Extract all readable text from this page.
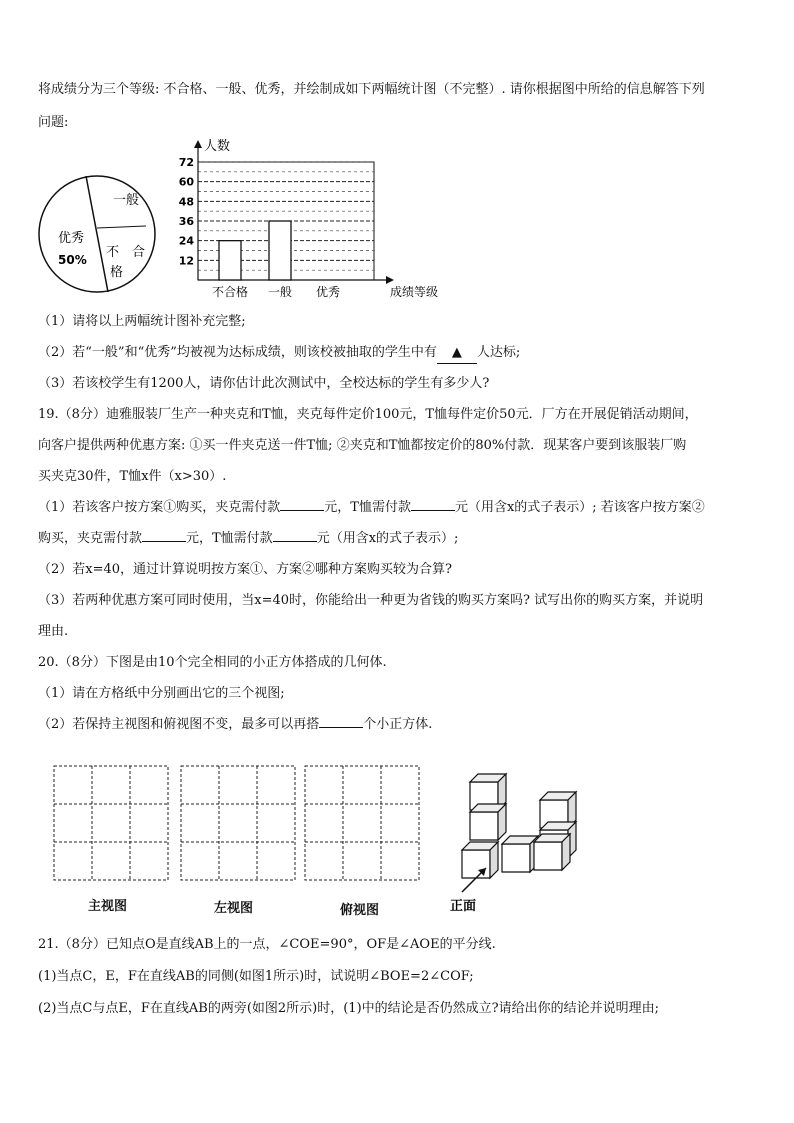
将成绩分为三个等级: 不合格、一般、优秀，并绘制成如下两幅统计图（不完整）. 请你根据图中所给的信息解答下列
问题:
一般
优秀
50% 不 合
格
12
24
36
48
60
72
人数
不合格 一般 优秀	成绩等级
（1）请将以上两幅统计图补充完整;
（2）若“一般”和“优秀”均被视为达标成绩，则该校被抽取的学生中有 ▲ 人达标;
（3）若该校学生有1200人，请你估计此次测试中，全校达标的学生有多少人?
19.（8分）迪雅服装厂生产一种夹克和T恤，夹克每件定价100元，T恤每件定价50元．厂方在开展促销活动期间，
向客户提供两种优惠方案: ①买一件夹克送一件T恤; ②夹克和T恤都按定价的80%付款．现某客户要到该服装厂购
买夹克30件，T恤x件（x>30）.
（1）若该客户按方案①购买，夹克需付款	元，T恤需付款	元（用含x的式子表示）; 若该客户按方案②
购买，夹克需付款	元，T恤需付款	元（用含x的式子表示）;
（2）若x=40，通过计算说明按方案①、方案②哪种方案购买较为合算?
（3）若两种优惠方案可同时使用，当x=40时，你能给出一种更为省钱的购买方案吗? 试写出你的购买方案，并说明
理由.
20.（8分）下图是由10个完全相同的小正方体搭成的几何体.
（1）请在方格纸中分别画出它的三个视图;
（2）若保持主视图和俯视图不变，最多可以再搭	个小正方体.
主视图	左视图	俯视图	正面
21.（8分）已知点O是直线AB上的一点，∠COE=90°，OF是∠AOE的平分线.
(1)当点C，E，F在直线AB的同侧(如图1所示)时，试说明∠BOE=2∠COF;
(2)当点C与点E，F在直线AB的两旁(如图2所示)时，(1)中的结论是否仍然成立?请给出你的结论并说明理由;
